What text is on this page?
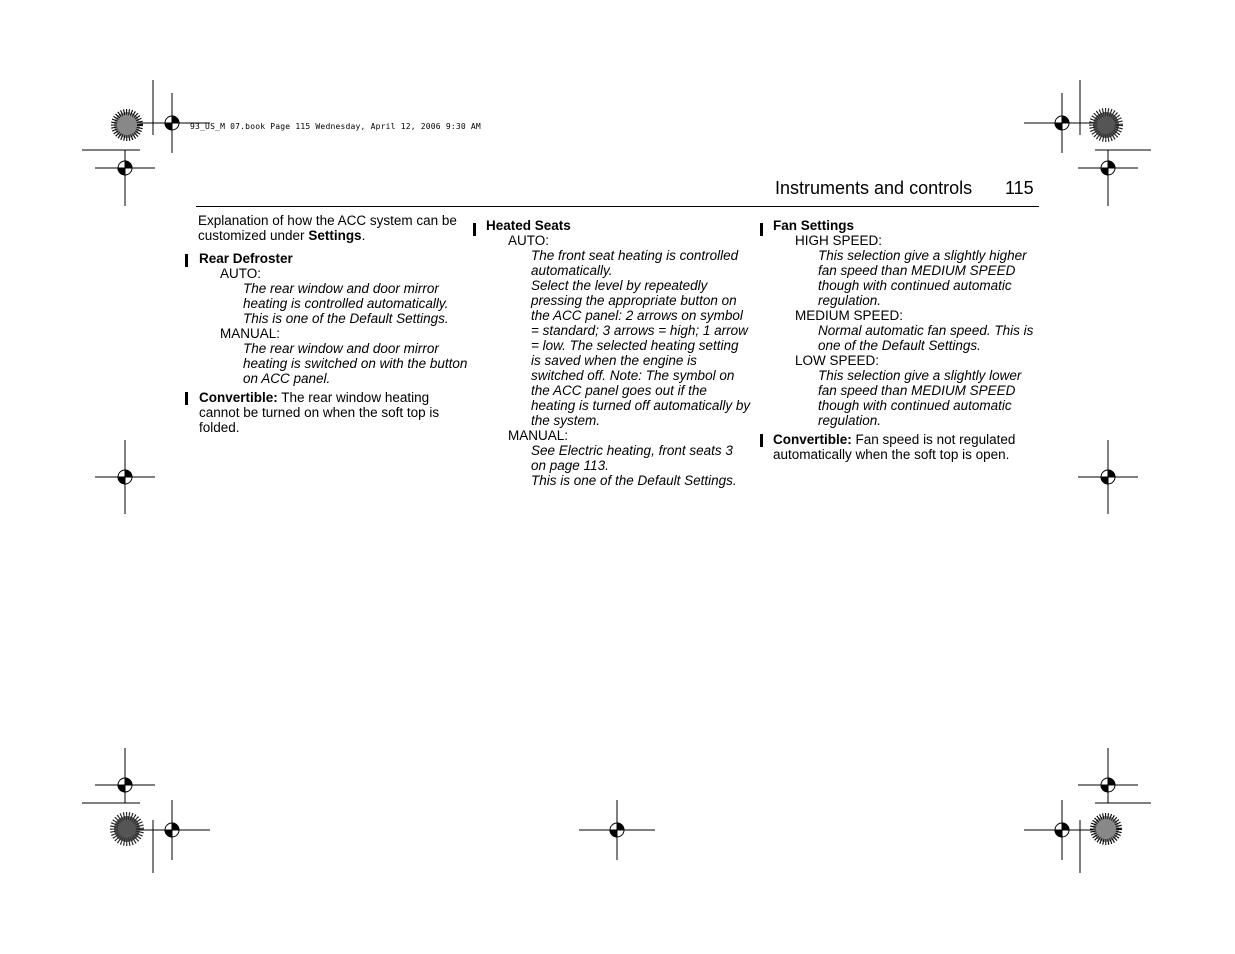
93_US_M 07.book Page 115 Wednesday, April 12, 2006 9:30 AM
Instruments and controls 115

Explanation of how the ACC system can be customized under Settings.

Rear Defroster

AUTO:

The rear window and door mirror heating is controlled automatically. This is one of the Default Settings.

MANUAL:

The rear window and door mirror heating is switched on with the button on ACC panel.

Convertible: The rear window heating cannot be turned on when the soft top is folded.

Heated Seats

AUTO:

The front seat heating is controlled automatically.

Select the level by repeatedly pressing the appropriate button on the ACC panel: 2 arrows on symbol = standard; 3 arrows = high; 1 arrow = low. The selected heating setting is saved when the engine is switched off. Note: The symbol on the ACC panel goes out if the heating is turned off automatically by the system.

MANUAL:

See Electric heating, front seats 3 on page 113.

This is one of the Default Settings.

Fan Settings

HIGH SPEED:

This selection give a slightly higher fan speed than MEDIUM SPEED though with continued automatic regulation.

MEDIUM SPEED:

Normal automatic fan speed. This is one of the Default Settings.

LOW SPEED:

This selection give a slightly lower fan speed than MEDIUM SPEED though with continued automatic regulation.

Convertible: Fan speed is not regulated automatically when the soft top is open.
